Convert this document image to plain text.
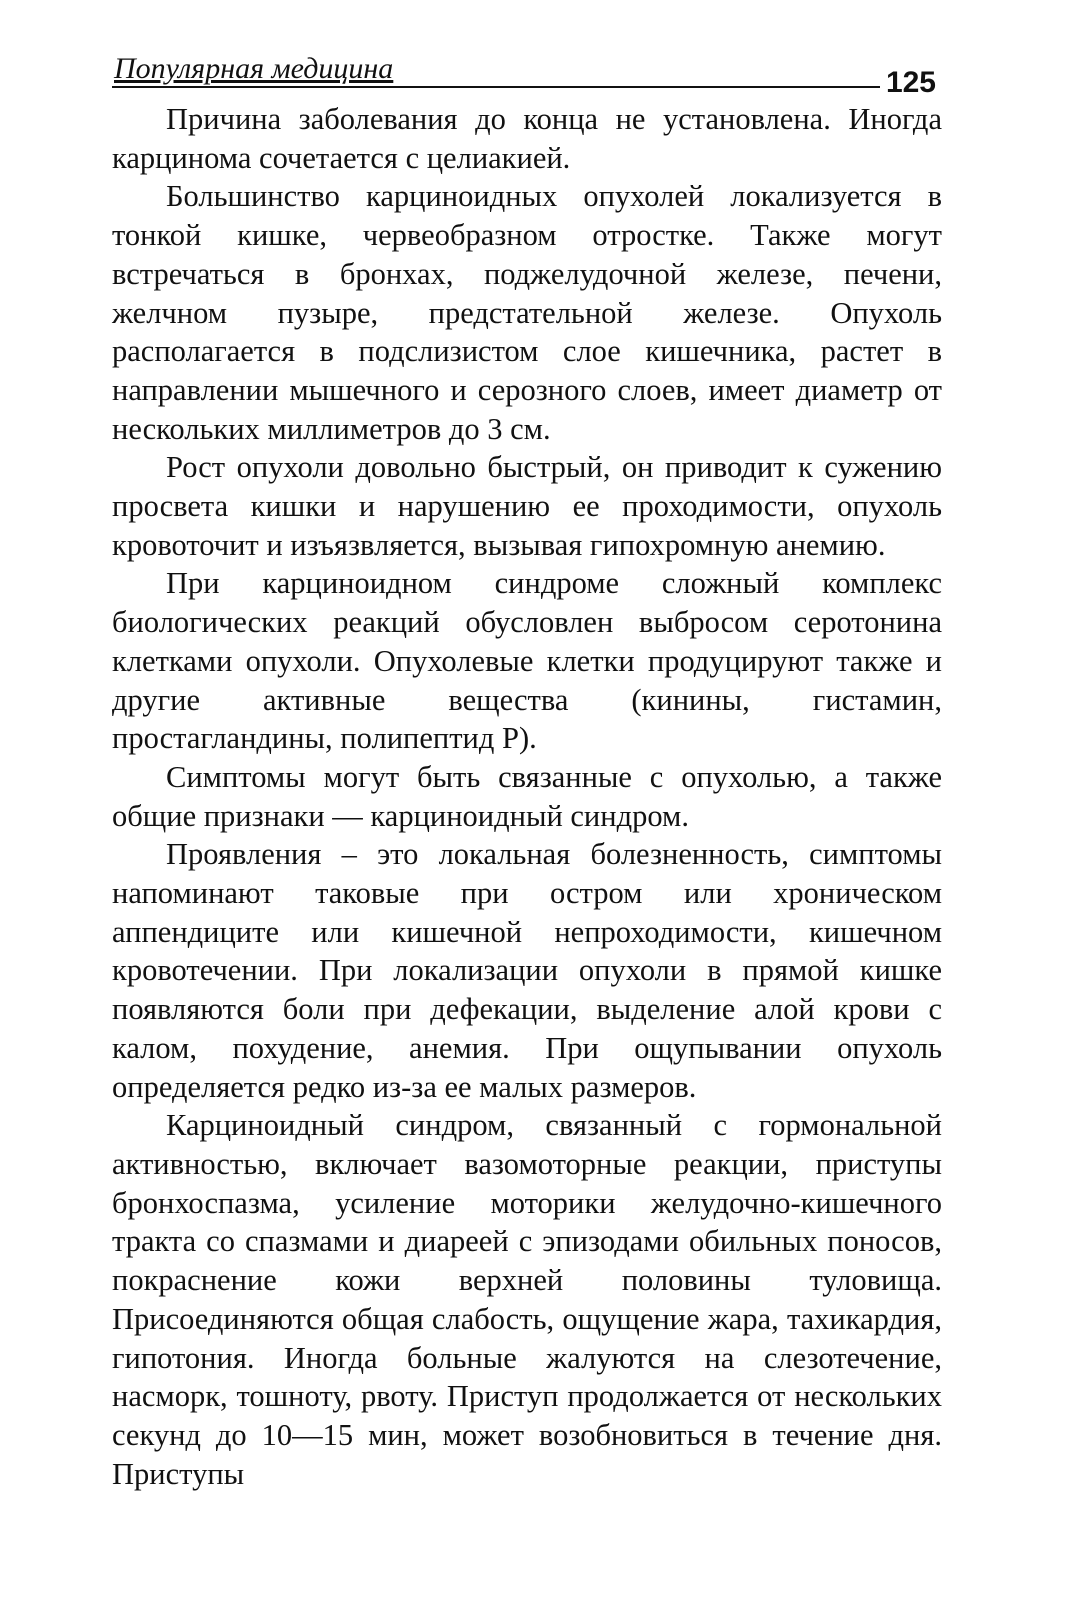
Популярная медицина	125

Причина заболевания до конца не установлена. Иногда карцинома сочетается с целиакией.

Большинство карциноидных опухолей локализуется в тонкой кишке, червеобразном отростке. Также могут встречаться в бронхах, поджелудочной железе, печени, желчном пузыре, предстательной железе. Опухоль располагается в подслизистом слое кишечника, растет в направлении мышечного и серозного слоев, имеет диаметр от нескольких миллиметров до 3 см.

Рост опухоли довольно быстрый, он приводит к сужению просвета кишки и нарушению ее проходимости, опухоль кровоточит и изъязвляется, вызывая гипохромную анемию.

При карциноидном синдроме сложный комплекс биологических реакций обусловлен выбросом серотонина клетками опухоли. Опухолевые клетки продуцируют также и другие активные вещества (кинины, гистамин, простагландины, полипептид Р).

Симптомы могут быть связанные с опухолью, а также общие признаки — карциноидный синдром.

Проявления – это локальная болезненность, симптомы напоминают таковые при остром или хроническом аппендиците или кишечной непроходимости, кишечном кровотечении. При локализации опухоли в прямой кишке появляются боли при дефекации, выделение алой крови с калом, похудение, анемия. При ощупывании опухоль определяется редко из-за ее малых размеров.

Карциноидный синдром, связанный с гормональной активностью, включает вазомоторные реакции, приступы бронхоспазма, усиление моторики желудочно-кишечного тракта со спазмами и диареей с эпизодами обильных поносов, покраснение кожи верхней половины туловища. Присоединяются общая слабость, ощущение жара, тахикардия, гипотония. Иногда больные жалуются на слезотечение, насморк, тошноту, рвоту. Приступ продолжается от нескольких секунд до 10—15 мин, может возобновиться в течение дня. Приступы
